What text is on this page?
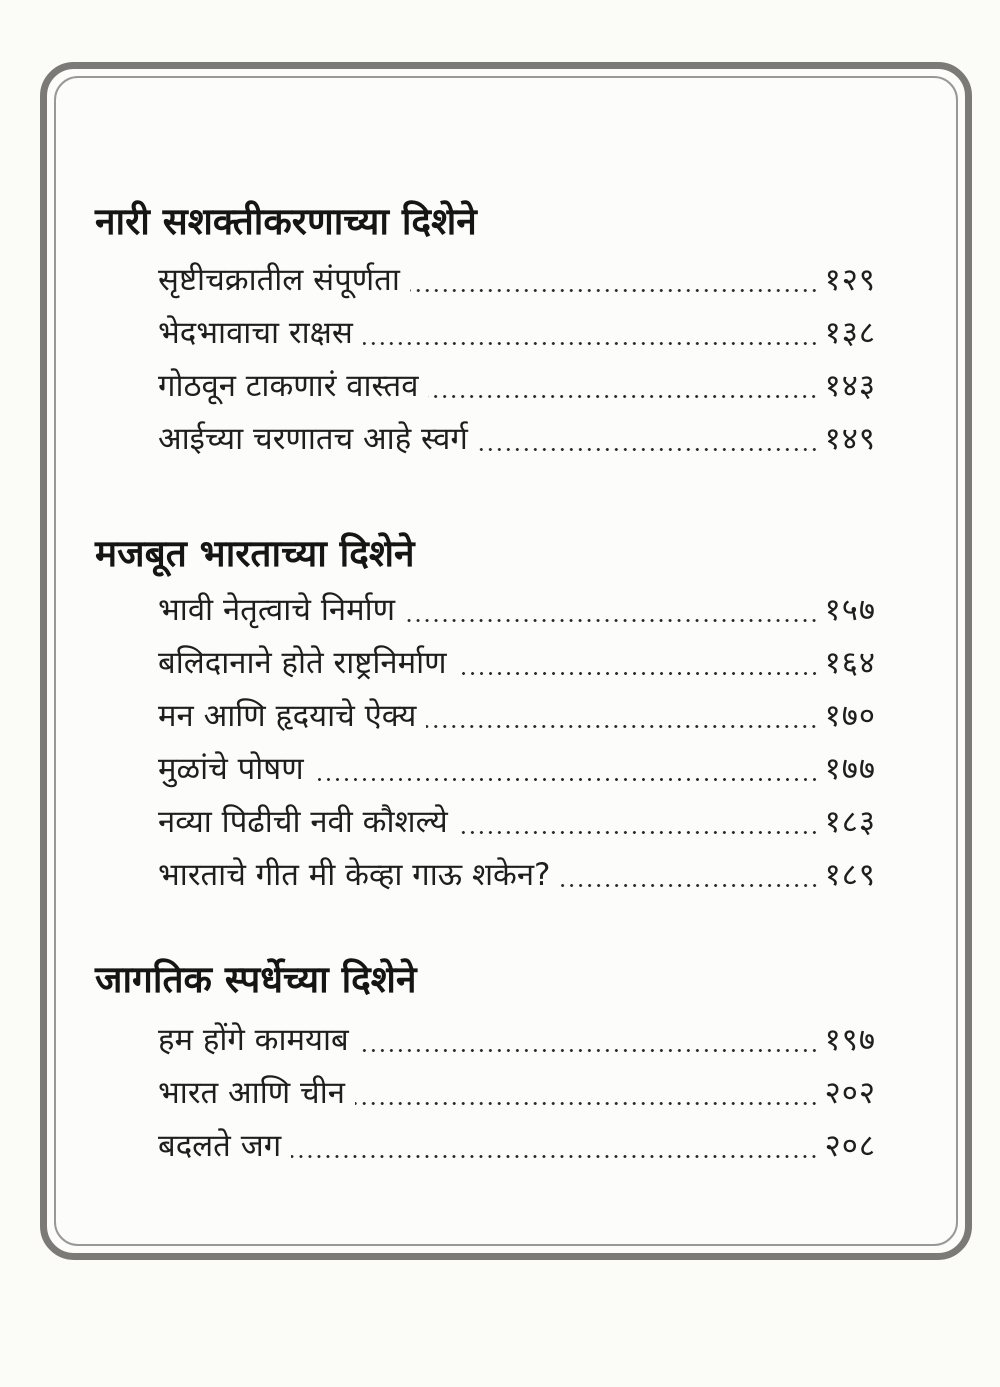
नारी सशक्तीकरणाच्या दिशेने
सृष्टीचक्रातील संपूर्णता	१२९
भेदभावाचा राक्षस	१३८
गोठवून टाकणारं वास्तव	१४३
आईच्या चरणातच आहे स्वर्ग	१४९
मजबूत भारताच्या दिशेने
भावी नेतृत्वाचे निर्माण	१५७
बलिदानाने होते राष्ट्रनिर्माण	१६४
मन आणि हृदयाचे ऐक्य	१७०
मुळांचे पोषण	१७७
नव्या पिढीची नवी कौशल्ये	१८३
भारताचे गीत मी केव्हा गाऊ शकेन?	१८९
जागतिक स्पर्धेच्या दिशेने
हम होंगे कामयाब	१९७
भारत आणि चीन	२०२
बदलते जग	२०८
